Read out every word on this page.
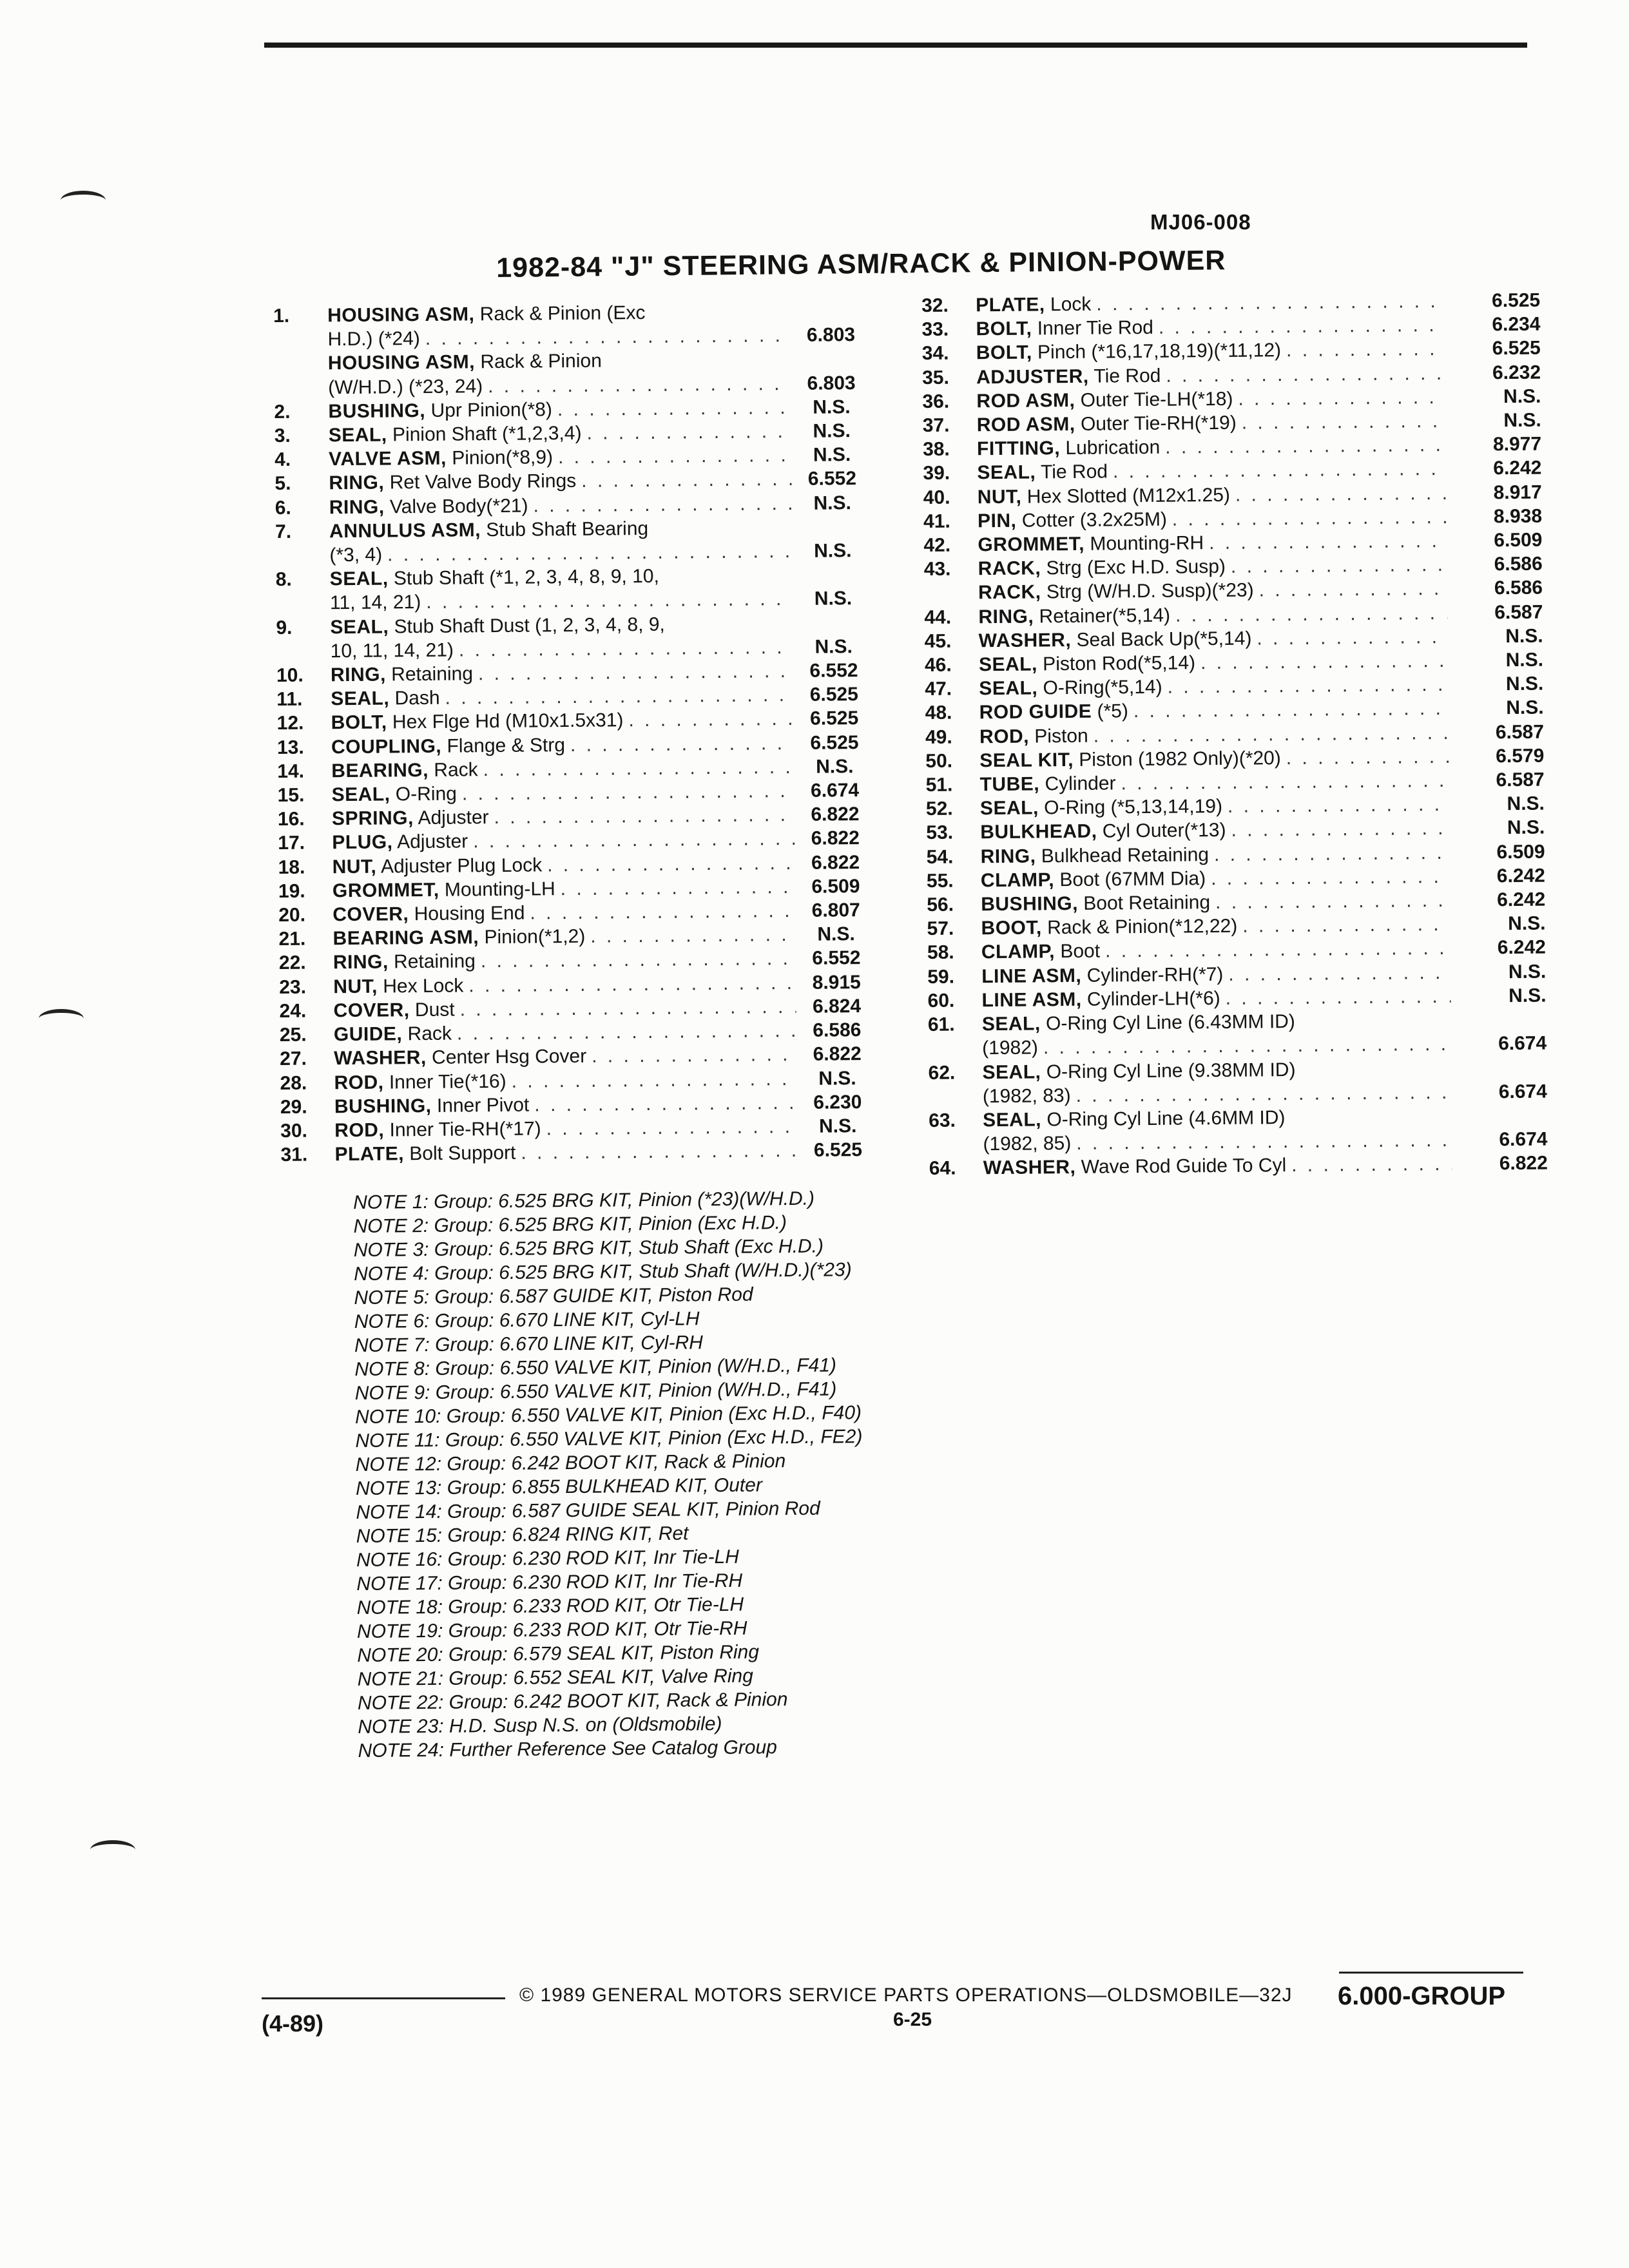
MJ06-008
1982-84 "J" STEERING ASM/RACK & PINION-POWER
1.	HOUSING ASM, Rack & Pinion (Exc
H.D.) (*24) . . .	6.803
HOUSING ASM, Rack & Pinion
(W/H.D.) (*23, 24) . . .	6.803
2.	BUSHING, Upr Pinion(*8) . . .	N.S.
3.	SEAL, Pinion Shaft (*1,2,3,4) . . .	N.S.
4.	VALVE ASM, Pinion(*8,9) . . .	N.S.
5.	RING, Ret Valve Body Rings . . .	6.552
6.	RING, Valve Body(*21) . . .	N.S.
7.	ANNULUS ASM, Stub Shaft Bearing
(*3, 4) . . .	N.S.
8.	SEAL, Stub Shaft (*1, 2, 3, 4, 8, 9, 10,
11, 14, 21) . . .	N.S.
9.	SEAL, Stub Shaft Dust (1, 2, 3, 4, 8, 9,
10, 11, 14, 21) . . .	N.S.
10.	RING, Retaining . . .	6.552
11.	SEAL, Dash . . .	6.525
12.	BOLT, Hex Flge Hd (M10x1.5x31) . . .	6.525
13.	COUPLING, Flange & Strg . . .	6.525
14.	BEARING, Rack . . .	N.S.
15.	SEAL, O-Ring . . .	6.674
16.	SPRING, Adjuster . . .	6.822
17.	PLUG, Adjuster . . .	6.822
18.	NUT, Adjuster Plug Lock . . .	6.822
19.	GROMMET, Mounting-LH . . .	6.509
20.	COVER, Housing End . . .	6.807
21.	BEARING ASM, Pinion(*1,2) . . .	N.S.
22.	RING, Retaining . . .	6.552
23.	NUT, Hex Lock . . .	8.915
24.	COVER, Dust . . .	6.824
25.	GUIDE, Rack . . .	6.586
27.	WASHER, Center Hsg Cover . . .	6.822
28.	ROD, Inner Tie(*16) . . .	N.S.
29.	BUSHING, Inner Pivot . . .	6.230
30.	ROD, Inner Tie-RH(*17) . . .	N.S.
31.	PLATE, Bolt Support . . .	6.525
32.	PLATE, Lock . . .	6.525
33.	BOLT, Inner Tie Rod . . .	6.234
34.	BOLT, Pinch (*16,17,18,19)(*11,12) . . .	6.525
35.	ADJUSTER, Tie Rod . . .	6.232
36.	ROD ASM, Outer Tie-LH(*18) . . .	N.S.
37.	ROD ASM, Outer Tie-RH(*19) . . .	N.S.
38.	FITTING, Lubrication . . .	8.977
39.	SEAL, Tie Rod . . .	6.242
40.	NUT, Hex Slotted (M12x1.25) . . .	8.917
41.	PIN, Cotter (3.2x25M) . . .	8.938
42.	GROMMET, Mounting-RH . . .	6.509
43.	RACK, Strg (Exc H.D. Susp) . . .	6.586
RACK, Strg (W/H.D. Susp)(*23) . . .	6.586
44.	RING, Retainer(*5,14) . . .	6.587
45.	WASHER, Seal Back Up(*5,14) . . .	N.S.
46.	SEAL, Piston Rod(*5,14) . . .	N.S.
47.	SEAL, O-Ring(*5,14) . . .	N.S.
48.	ROD GUIDE (*5) . . .	N.S.
49.	ROD, Piston . . .	6.587
50.	SEAL KIT, Piston (1982 Only)(*20) . . .	6.579
51.	TUBE, Cylinder . . .	6.587
52.	SEAL, O-Ring (*5,13,14,19) . . .	N.S.
53.	BULKHEAD, Cyl Outer(*13) . . .	N.S.
54.	RING, Bulkhead Retaining . . .	6.509
55.	CLAMP, Boot (67MM Dia) . . .	6.242
56.	BUSHING, Boot Retaining . . .	6.242
57.	BOOT, Rack & Pinion(*12,22) . . .	N.S.
58.	CLAMP, Boot . . .	6.242
59.	LINE ASM, Cylinder-RH(*7) . . .	N.S.
60.	LINE ASM, Cylinder-LH(*6) . . .	N.S.
61.	SEAL, O-Ring Cyl Line (6.43MM ID)
(1982) . . .	6.674
62.	SEAL, O-Ring Cyl Line (9.38MM ID)
(1982, 83) . . .	6.674
63.	SEAL, O-Ring Cyl Line (4.6MM ID)
(1982, 85) . . .	6.674
64.	WASHER, Wave Rod Guide To Cyl . . .	6.822
NOTE 1: Group: 6.525 BRG KIT, Pinion (*23)(W/H.D.)
NOTE 2: Group: 6.525 BRG KIT, Pinion (Exc H.D.)
NOTE 3: Group: 6.525 BRG KIT, Stub Shaft (Exc H.D.)
NOTE 4: Group: 6.525 BRG KIT, Stub Shaft (W/H.D.)(*23)
NOTE 5: Group: 6.587 GUIDE KIT, Piston Rod
NOTE 6: Group: 6.670 LINE KIT, Cyl-LH
NOTE 7: Group: 6.670 LINE KIT, Cyl-RH
NOTE 8: Group: 6.550 VALVE KIT, Pinion (W/H.D., F41)
NOTE 9: Group: 6.550 VALVE KIT, Pinion (W/H.D., F41)
NOTE 10: Group: 6.550 VALVE KIT, Pinion (Exc H.D., F40)
NOTE 11: Group: 6.550 VALVE KIT, Pinion (Exc H.D., FE2)
NOTE 12: Group: 6.242 BOOT KIT, Rack & Pinion
NOTE 13: Group: 6.855 BULKHEAD KIT, Outer
NOTE 14: Group: 6.587 GUIDE SEAL KIT, Pinion Rod
NOTE 15: Group: 6.824 RING KIT, Ret
NOTE 16: Group: 6.230 ROD KIT, Inr Tie-LH
NOTE 17: Group: 6.230 ROD KIT, Inr Tie-RH
NOTE 18: Group: 6.233 ROD KIT, Otr Tie-LH
NOTE 19: Group: 6.233 ROD KIT, Otr Tie-RH
NOTE 20: Group: 6.579 SEAL KIT, Piston Ring
NOTE 21: Group: 6.552 SEAL KIT, Valve Ring
NOTE 22: Group: 6.242 BOOT KIT, Rack & Pinion
NOTE 23: H.D. Susp N.S. on (Oldsmobile)
NOTE 24: Further Reference See Catalog Group
© 1989 GENERAL MOTORS SERVICE PARTS OPERATIONS—OLDSMOBILE—32J
6-25
(4-89)
6.000-GROUP
